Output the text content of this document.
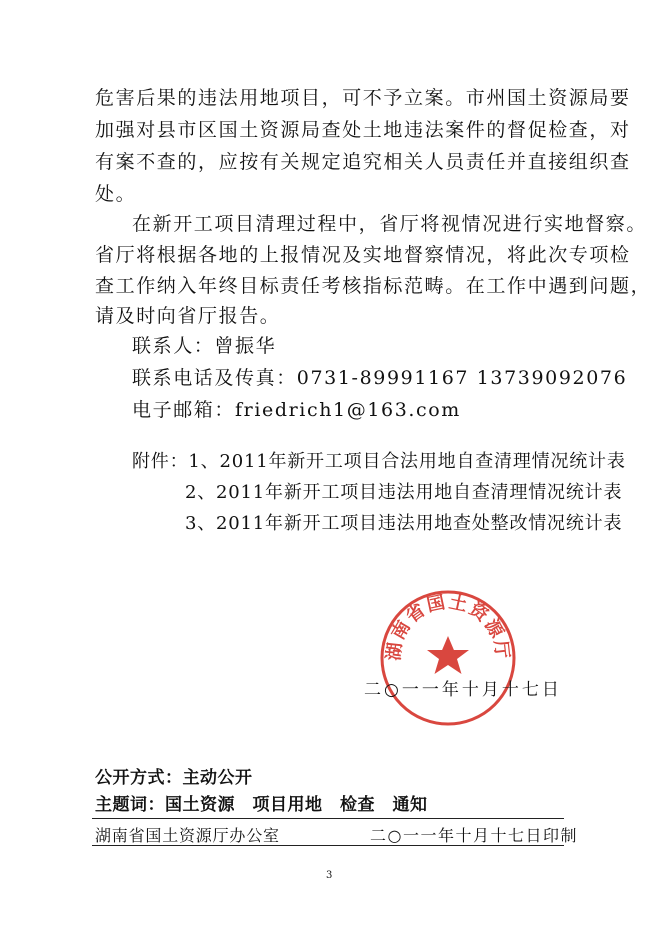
危害后果的违法用地项目，可不予立案。市州国土资源局要
加强对县市区国土资源局查处土地违法案件的督促检查，对
有案不查的，应按有关规定追究相关人员责任并直接组织查
处。
在新开工项目清理过程中，省厅将视情况进行实地督察。
省厅将根据各地的上报情况及实地督察情况，将此次专项检
查工作纳入年终目标责任考核指标范畴。在工作中遇到问题，
请及时向省厅报告。
联系人：曾振华
联系电话及传真：0731-89991167 13739092076
电子邮箱：friedrich1@163.com
附件：1、2011年新开工项目合法用地自查清理情况统计表
2、2011年新开工项目违法用地自查清理情况统计表
3、2011年新开工项目违法用地查处整改情况统计表
湖南省国土资源厅
二○一一年十月十七日
公开方式：主动公开
主题词：国土资源　项目用地　检查　通知
湖南省国土资源厅办公室	二○一一年十月十七日印制
3
